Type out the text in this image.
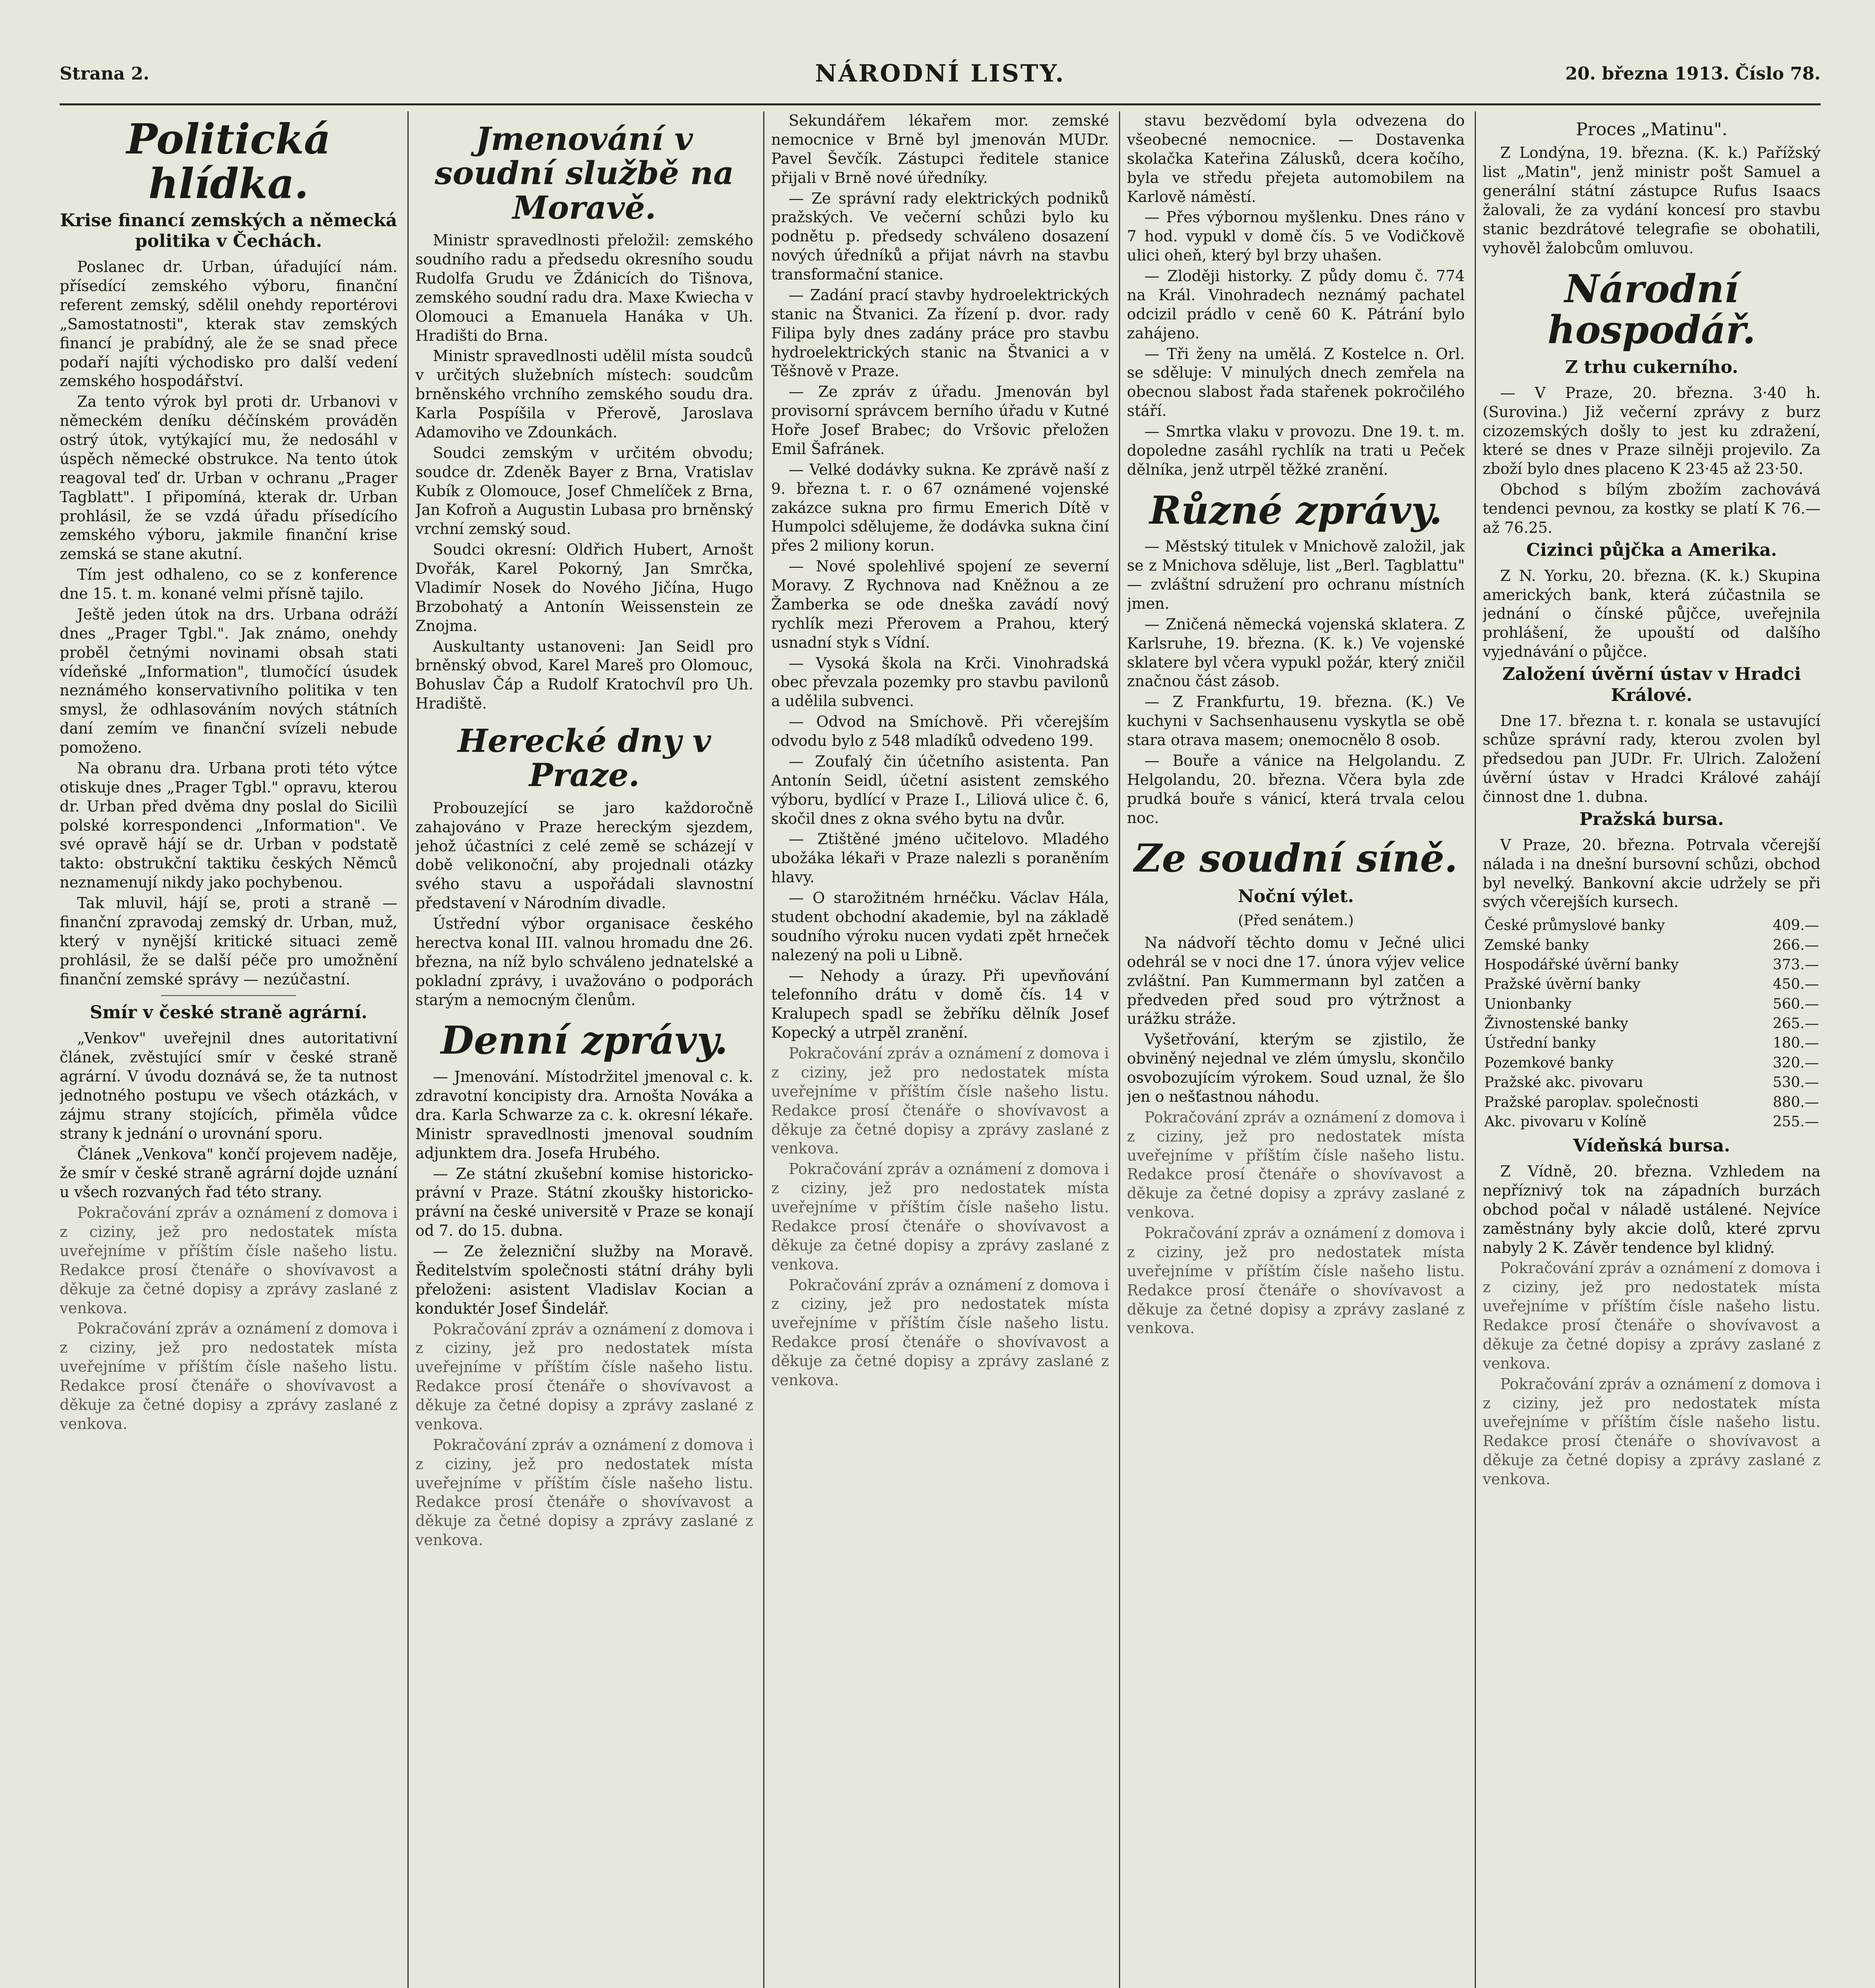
Strana 2.	NÁRODNÍ LISTY.	20. března 1913. Číslo 78.
Politická hlídka.
Krise financí zemských a německá politika v Čechách.

Poslanec dr. Urban, úřadující nám. přísedící zemského výboru, finanční referent zemský, sdělil onehdy reportérovi „Samostatnosti", kterak stav zemských financí je prabídný, ale že se snad přece podaří najíti východisko pro další vedení zemského hospodářství.

Za tento výrok byl proti dr. Urbanovi v německém deníku déčínském prováděn ostrý útok, vytýkající mu, že nedosáhl v úspěch německé obstrukce. Na tento útok reagoval teď dr. Urban v ochranu „Prager Tagblatt". I připomíná, kterak dr. Urban prohlásil, že se vzdá úřadu přísedícího zemského výboru, jakmile finanční krise zemská se stane akutní.

Tím jest odhaleno, co se z konference dne 15. t. m. konané velmi přísně tajilo.

Ještě jeden útok na drs. Urbana odráží dnes „Prager Tgbl.". Jak známo, onehdy proběl četnými novinami obsah stati vídeňské „Information", tlumočící úsudek neznámého konservativního politika v ten smysl, že odhlasováním nových státních daní zemím ve finanční svízeli nebude pomoženo.

Na obranu dra. Urbana proti této výtce otiskuje dnes „Prager Tgbl." opravu, kterou dr. Urban před dvěma dny poslal do Siciliì polské korrespondenci „Information". Ve své opravě hájí se dr. Urban v podstatě takto: obstrukční taktiku českých Němců neznamenují nikdy jako pochybenou.

Tak mluvil, hájí se, proti a straně — finanční zpravodaj zemský dr. Urban, muž, který v nynější kritické situaci země prohlásil, že se další péče pro umožnění finanční zemské správy — nezúčastní.

Smír v české straně agrární.

„Venkov" uveřejnil dnes autoritativní článek, zvěstující smír v české straně agrární. V úvodu doznává se, že ta nutnost jednotného postupu ve všech otázkách, v zájmu strany stojících, přiměla vůdce strany k jednání o urovnání sporu.

Článek „Venkova" končí projevem naděje, že smír v české straně agrární dojde uznání u všech rozvaných řad této strany.

Pokračování zpráv a oznámení z domova i z ciziny, jež pro nedostatek místa uveřejníme v příštím čísle našeho listu. Redakce prosí čtenáře o shovívavost a děkuje za četné dopisy a zprávy zaslané z venkova.

Pokračování zpráv a oznámení z domova i z ciziny, jež pro nedostatek místa uveřejníme v příštím čísle našeho listu. Redakce prosí čtenáře o shovívavost a děkuje za četné dopisy a zprávy zaslané z venkova.

Jmenování v soudní službě na Moravě.

Ministr spravedlnosti přeložil: zemského soudního radu a předsedu okresního soudu Rudolfa Grudu ve Ždánicích do Tišnova, zemského soudní radu dra. Maxe Kwiecha v Olomouci a Emanuela Hanáka v Uh. Hradišti do Brna.

Ministr spravedlnosti udělil místa soudců v určitých služebních místech: soudcům brněnského vrchního zemského soudu dra. Karla Pospíšila v Přerově, Jaroslava Adamoviho ve Zdounkách.

Soudci zemským v určitém obvodu; soudce dr. Zdeněk Bayer z Brna, Vratislav Kubík z Olomouce, Josef Chmelíček z Brna, Jan Kofroň a Augustin Lubasa pro brněnský vrchní zemský soud.

Soudci okresní: Oldřich Hubert, Arnošt Dvořák, Karel Pokorný, Jan Smrčka, Vladimír Nosek do Nového Jičína, Hugo Brzobohatý a Antonín Weissenstein ze Znojma.

Auskultanty ustanoveni: Jan Seidl pro brněnský obvod, Karel Mareš pro Olomouc, Bohuslav Čáp a Rudolf Kratochvíl pro Uh. Hradiště.

Herecké dny v Praze.

Probouzející se jaro každoročně zahajováno v Praze hereckým sjezdem, jehož účastníci z celé země se scházejí v době velikonoční, aby projednali otázky svého stavu a uspořádali slavnostní představení v Národním divadle.

Ústřední výbor organisace českého herectva konal III. valnou hromadu dne 26. března, na níž bylo schváleno jednatelské a pokladní zprávy, i uvažováno o podporách starým a nemocným členům.

Denní zprávy.

— Jmenování. Místodržitel jmenoval c. k. zdravotní koncipisty dra. Arnošta Nováka a dra. Karla Schwarze za c. k. okresní lékaře. Ministr spravedlnosti jmenoval soudním adjunktem dra. Josefa Hrubého.

— Ze státní zkušební komise historicko-právní v Praze. Státní zkoušky historicko-právní na české universitě v Praze se konají od 7. do 15. dubna.

— Ze železniční služby na Moravě. Ředitelstvím společnosti státní dráhy byli přeloženi: asistent Vladislav Kocian a konduktér Josef Šindelář.

Pokračování zpráv a oznámení z domova i z ciziny, jež pro nedostatek místa uveřejníme v příštím čísle našeho listu. Redakce prosí čtenáře o shovívavost a děkuje za četné dopisy a zprávy zaslané z venkova.

Pokračování zpráv a oznámení z domova i z ciziny, jež pro nedostatek místa uveřejníme v příštím čísle našeho listu. Redakce prosí čtenáře o shovívavost a děkuje za četné dopisy a zprávy zaslané z venkova.

Sekundářem lékařem mor. zemské nemocnice v Brně byl jmenován MUDr. Pavel Ševčík. Zástupci ředitele stanice přijali v Brně nové úředníky.

— Ze správní rady elektrických podniků pražských. Ve večerní schůzi bylo ku podnětu p. předsedy schváleno dosazení nových úředníků a přijat návrh na stavbu transformační stanice.

— Zadání prací stavby hydroelektrických stanic na Štvanici. Za řízení p. dvor. rady Filipa byly dnes zadány práce pro stavbu hydroelektrických stanic na Štvanici a v Těšnově v Praze.

— Ze zpráv z úřadu. Jmenován byl provisorní správcem berního úřadu v Kutné Hoře Josef Brabec; do Vršovic přeložen Emil Šafránek.

— Velké dodávky sukna. Ke zprávě naší z 9. března t. r. o 67 oznámené vojenské zakázce sukna pro firmu Emerich Dítě v Humpolci sdělujeme, že dodávka sukna činí přes 2 miliony korun.

— Nové spolehlivé spojení ze severní Moravy. Z Rychnova nad Kněžnou a ze Žamberka se ode dneška zavádí nový rychlík mezi Přerovem a Prahou, který usnadní styk s Vídní.

— Vysoká škola na Krči. Vinohradská obec převzala pozemky pro stavbu pavilonů a udělila subvenci.

— Odvod na Smíchově. Při včerejším odvodu bylo z 548 mladíků odvedeno 199.

— Zoufalý čin účetního asistenta. Pan Antonín Seidl, účetní asistent zemského výboru, bydlící v Praze I., Liliová ulice č. 6, skočil dnes z okna svého bytu na dvůr.

— Ztištěné jméno učitelovo. Mladého ubožáka lékaři v Praze nalezli s poraněním hlavy.

— O starožitném hrnéčku. Václav Hála, student obchodní akademie, byl na základě soudního výroku nucen vydati zpět hrneček nalezený na poli u Libně.

— Nehody a úrazy. Při upevňování telefonního drátu v domě čís. 14 v Kralupech spadl se žebříku dělník Josef Kopecký a utrpěl zranění.

Pokračování zpráv a oznámení z domova i z ciziny, jež pro nedostatek místa uveřejníme v příštím čísle našeho listu. Redakce prosí čtenáře o shovívavost a děkuje za četné dopisy a zprávy zaslané z venkova.

Pokračování zpráv a oznámení z domova i z ciziny, jež pro nedostatek místa uveřejníme v příštím čísle našeho listu. Redakce prosí čtenáře o shovívavost a děkuje za četné dopisy a zprávy zaslané z venkova.

Pokračování zpráv a oznámení z domova i z ciziny, jež pro nedostatek místa uveřejníme v příštím čísle našeho listu. Redakce prosí čtenáře o shovívavost a děkuje za četné dopisy a zprávy zaslané z venkova.

stavu bezvědomí byla odvezena do všeobecné nemocnice. — Dostavenka skolačka Kateřina Zálusků, dcera kočího, byla ve středu přejeta automobilem na Karlově náměstí.

— Přes výbornou myšlenku. Dnes ráno v 7 hod. vypukl v domě čís. 5 ve Vodičkově ulici oheň, který byl brzy uhašen.

— Zloději historky. Z půdy domu č. 774 na Král. Vinohradech neznámý pachatel odcizil prádlo v ceně 60 K. Pátrání bylo zahájeno.

— Tři ženy na umělá. Z Kostelce n. Orl. se sděluje: V minulých dnech zemřela na obecnou slabost řada stařenek pokročilého stáří.

— Smrtka vlaku v provozu. Dne 19. t. m. dopoledne zasáhl rychlík na trati u Peček dělníka, jenž utrpěl těžké zranění.

Různé zprávy.

— Městský titulek v Mnichově založil, jak se z Mnichova sděluje, list „Berl. Tagblattu" — zvláštní sdružení pro ochranu místních jmen.

— Zničená německá vojenská sklatera. Z Karlsruhe, 19. března. (K. k.) Ve vojenské sklatere byl včera vypukl požár, který zničil značnou část zásob.

— Z Frankfurtu, 19. března. (K.) Ve kuchyni v Sachsenhausenu vyskytla se obě stara otrava masem; onemocnělo 8 osob.

— Bouře a vánice na Helgolandu. Z Helgolandu, 20. března. Včera byla zde prudká bouře s vánicí, která trvala celou noc.

Ze soudní síně.
Noční výlet.
(Před senátem.)

Na nádvoří těchto domu v Ječné ulici odehrál se v noci dne 17. února výjev velice zvláštní. Pan Kummermann byl zatčen a předveden před soud pro výtržnost a urážku stráže.

Vyšetřování, kterým se zjistilo, že obviněný nejednal ve zlém úmyslu, skončilo osvobozujícím výrokem. Soud uznal, že šlo jen o nešťastnou náhodu.

Pokračování zpráv a oznámení z domova i z ciziny, jež pro nedostatek místa uveřejníme v příštím čísle našeho listu. Redakce prosí čtenáře o shovívavost a děkuje za četné dopisy a zprávy zaslané z venkova.

Pokračování zpráv a oznámení z domova i z ciziny, jež pro nedostatek místa uveřejníme v příštím čísle našeho listu. Redakce prosí čtenáře o shovívavost a děkuje za četné dopisy a zprávy zaslané z venkova.

Proces „Matinu".

Z Londýna, 19. března. (K. k.) Pařížský list „Matin", jenž ministr pošt Samuel a generální státní zástupce Rufus Isaacs žalovali, že za vydání koncesí pro stavbu stanic bezdrátové telegrafie se obohatili, vyhověl žalobcům omluvou.

Národní hospodář.
Z trhu cukerního.

— V Praze, 20. března. 3·40 h. (Surovina.) Již večerní zprávy z burz cizozemských došly to jest ku zdražení, které se dnes v Praze silněji projevilo. Za zboží bylo dnes placeno K 23·45 až 23·50.

Obchod s bílým zbožím zachovává tendenci pevnou, za kostky se platí K 76.— až 76.25.

Cizinci půjčka a Amerika.

Z N. Yorku, 20. března. (K. k.) Skupina amerických bank, která zúčastnila se jednání o čínské půjčce, uveřejnila prohlášení, že upouští od dalšího vyjednávání o půjčce.

Založení úvěrní ústav v Hradci Králové.

Dne 17. března t. r. konala se ustavující schůze správní rady, kterou zvolen byl předsedou pan JUDr. Fr. Ulrich. Založení úvěrní ústav v Hradci Králové zahájí činnost dne 1. dubna.

Pražská bursa.

V Praze, 20. března. Potrvala včerejší nálada i na dnešní bursovní schůzi, obchod byl nevelký. Bankovní akcie udržely se při svých včerejších kursech.

České průmyslové banky	409.—
Zemské banky	266.—
Hospodářské úvěrní banky	373.—
Pražské úvěrní banky	450.—
Unionbanky	560.—
Živnostenské banky	265.—
Ústřední banky	180.—
Pozemkové banky	320.—
Pražské akc. pivovaru	530.—
Pražské paroplav. společnosti	880.—
Akc. pivovaru v Kolíně	255.—
Vídeňská bursa.

Z Vídně, 20. března. Vzhledem na nepříznivý tok na západních burzách obchod počal v náladě ustálené. Nejvíce zaměstnány byly akcie dolů, které zprvu nabyly 2 K. Závěr tendence byl klidný.

Pokračování zpráv a oznámení z domova i z ciziny, jež pro nedostatek místa uveřejníme v příštím čísle našeho listu. Redakce prosí čtenáře o shovívavost a děkuje za četné dopisy a zprávy zaslané z venkova.

Pokračování zpráv a oznámení z domova i z ciziny, jež pro nedostatek místa uveřejníme v příštím čísle našeho listu. Redakce prosí čtenáře o shovívavost a děkuje za četné dopisy a zprávy zaslané z venkova.
